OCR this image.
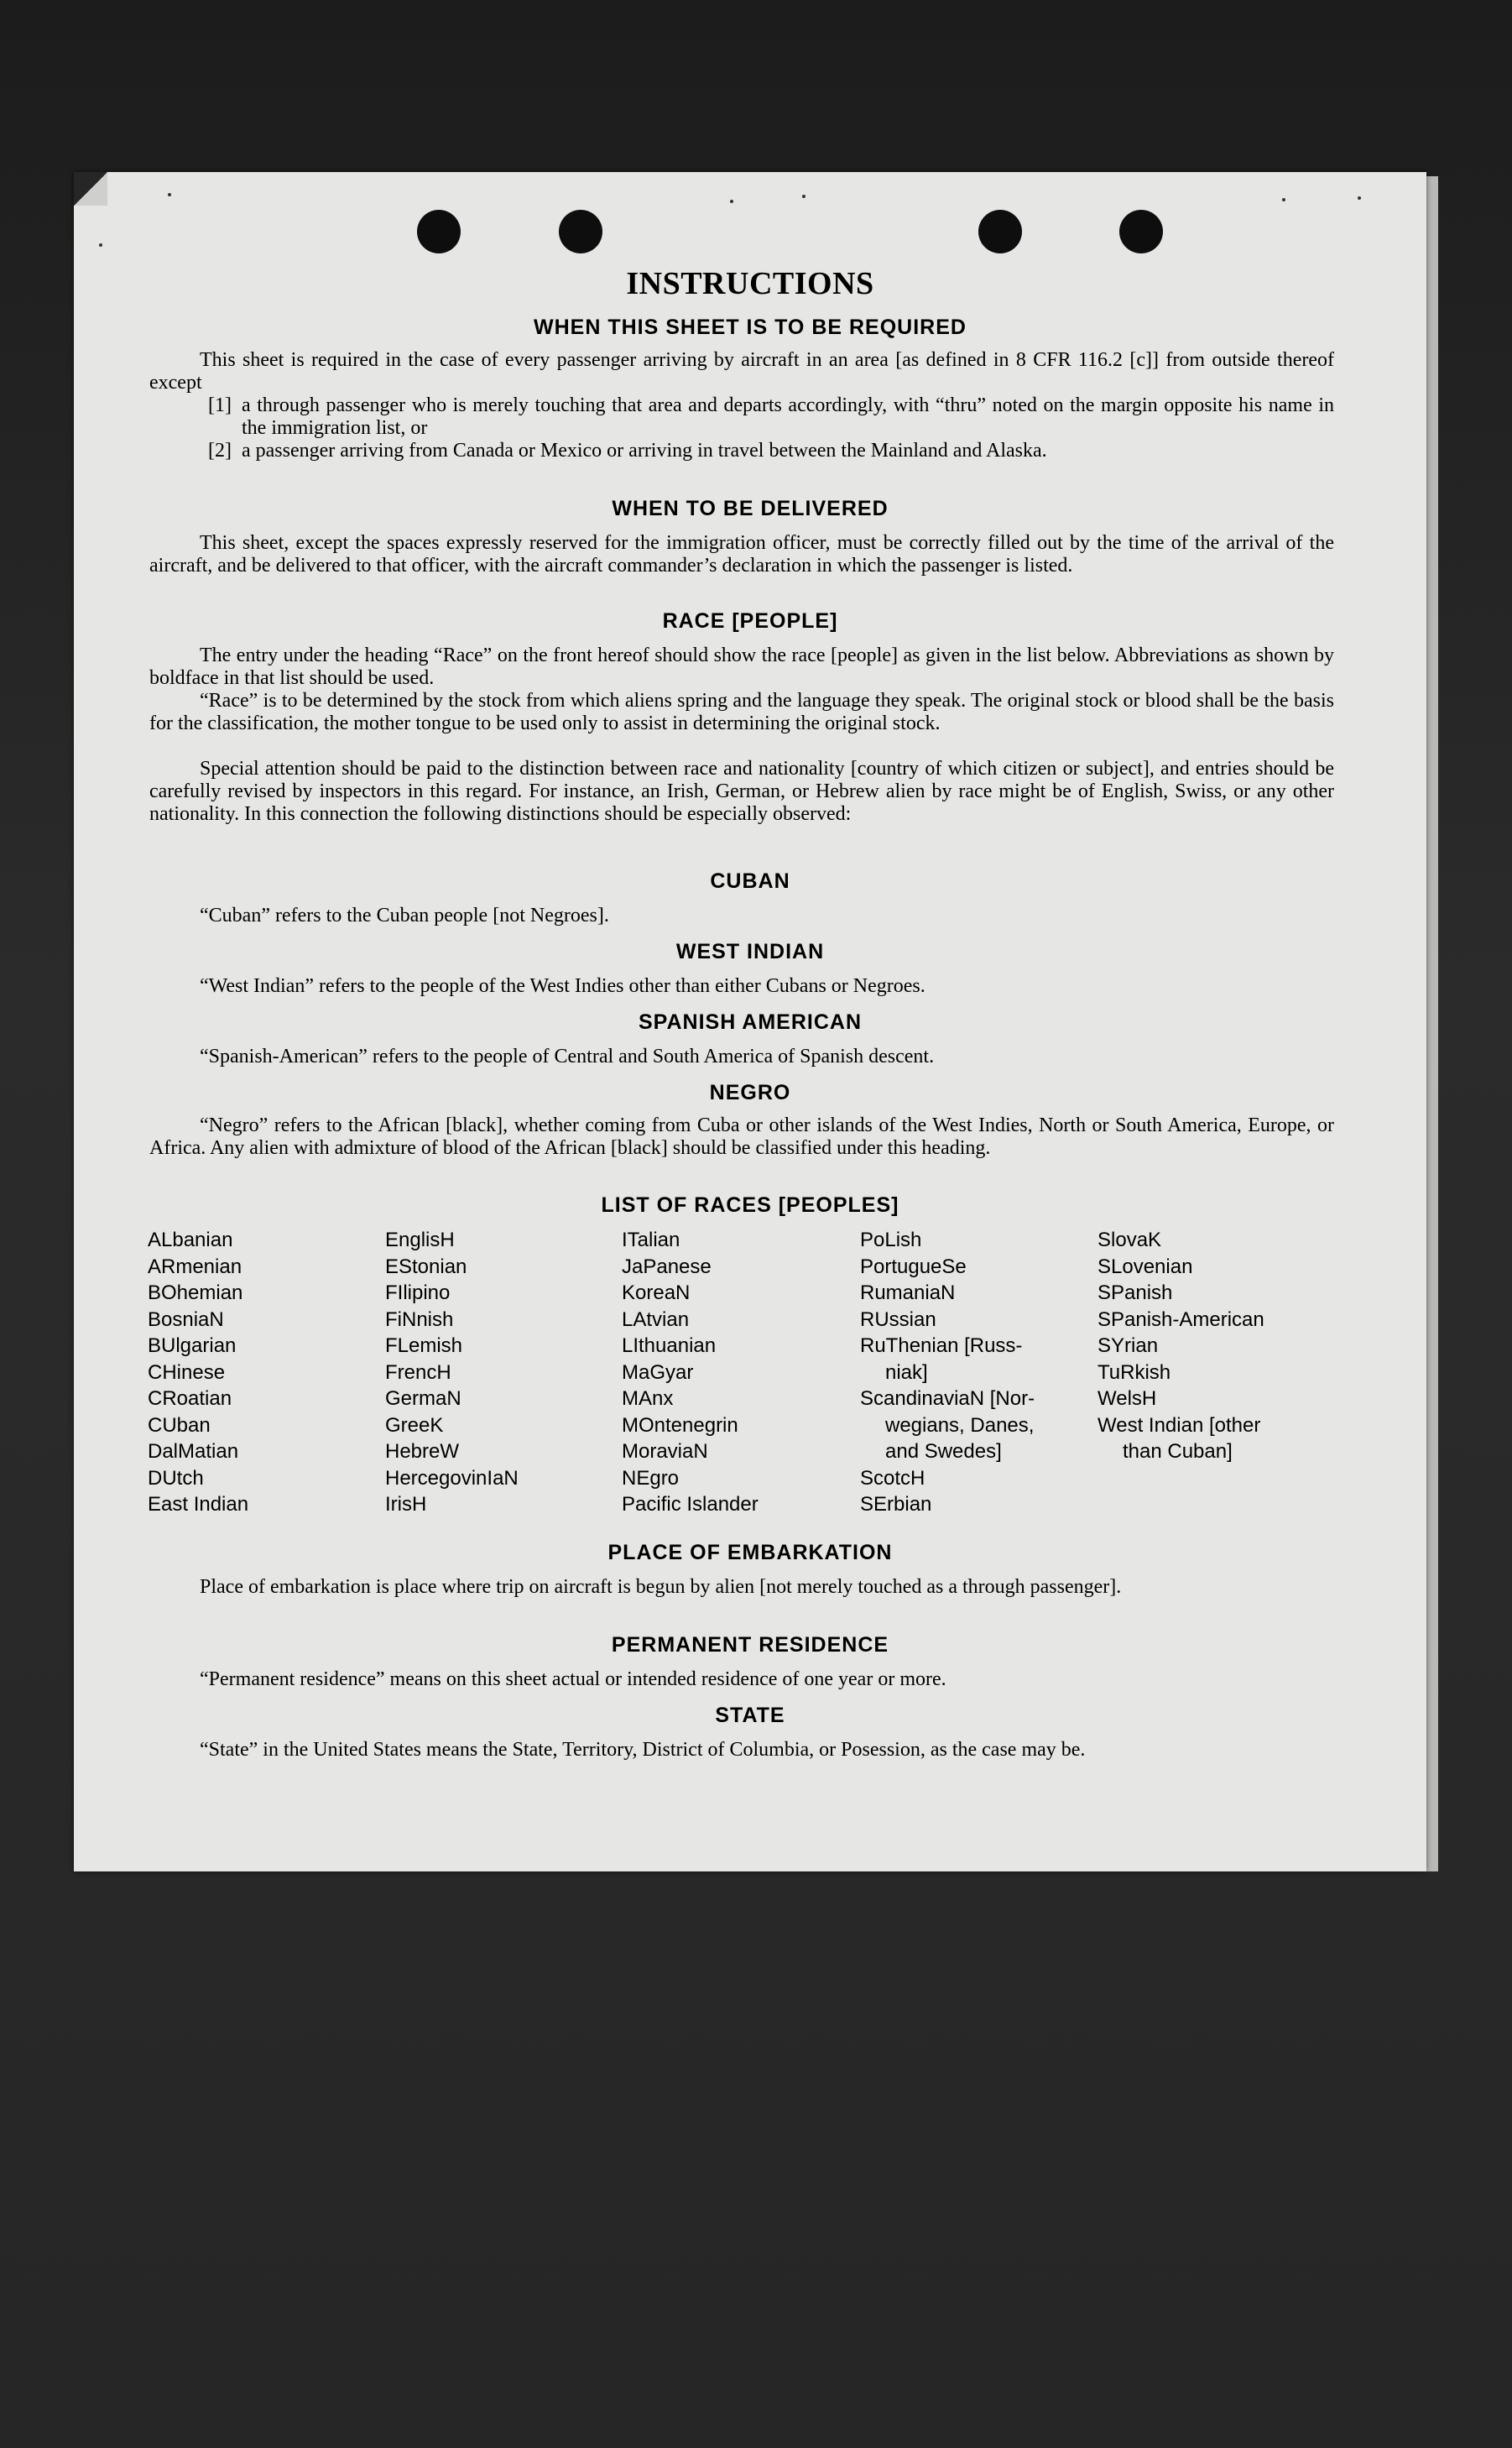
INSTRUCTIONS
WHEN THIS SHEET IS TO BE REQUIRED
This sheet is required in the case of every passenger arriving by aircraft in an area [as defined in 8 CFR 116.2 [c]] from outside thereof except
[1] a through passenger who is merely touching that area and departs accordingly, with “thru” noted on the margin opposite his name in the immigration list, or
[2] a passenger arriving from Canada or Mexico or arriving in travel between the Mainland and Alaska.
WHEN TO BE DELIVERED
This sheet, except the spaces expressly reserved for the immigration officer, must be correctly filled out by the time of the arrival of the aircraft, and be delivered to that officer, with the aircraft commander’s declaration in which the passenger is listed.
RACE [PEOPLE]
The entry under the heading “Race” on the front hereof should show the race [people] as given in the list below. Abbreviations as shown by boldface in that list should be used.
“Race” is to be determined by the stock from which aliens spring and the language they speak. The original stock or blood shall be the basis for the classification, the mother tongue to be used only to assist in determining the original stock.
Special attention should be paid to the distinction between race and nationality [country of which citizen or subject], and entries should be carefully revised by inspectors in this regard. For instance, an Irish, German, or Hebrew alien by race might be of English, Swiss, or any other nationality. In this connection the following distinctions should be especially observed:
CUBAN
“Cuban” refers to the Cuban people [not Negroes].
WEST INDIAN
“West Indian” refers to the people of the West Indies other than either Cubans or Negroes.
SPANISH AMERICAN
“Spanish-American” refers to the people of Central and South America of Spanish descent.
NEGRO
“Negro” refers to the African [black], whether coming from Cuba or other islands of the West Indies, North or South America, Europe, or Africa. Any alien with admixture of blood of the African [black] should be classified under this heading.
LIST OF RACES [PEOPLES]
ALbanian
ARmenian
BOhemian
BosniaN
BUlgarian
CHinese
CRoatian
CUban
DalMatian
DUtch
East Indian
EnglisH
EStonian
FIlipino
FiNnish
FLemish
FrencH
GermaN
GreeK
HebreW
HercegovinIaN
IrisH
ITalian
JaPanese
KoreaN
LAtvian
LIthuanian
MaGyar
MAnx
MOntenegrin
MoraviaN
NEgro
Pacific Islander
PoLish
PortugueSe
RumaniaN
RUssian
RuThenian [Russ-
niak]
ScandinaviaN [Nor-
wegians, Danes,
and Swedes]
ScotcH
SErbian
SlovaK
SLovenian
SPanish
SPanish-American
SYrian
TuRkish
WelsH
West Indian [other
than Cuban]
PLACE OF EMBARKATION
Place of embarkation is place where trip on aircraft is begun by alien [not merely touched as a through passenger].
PERMANENT RESIDENCE
“Permanent residence” means on this sheet actual or intended residence of one year or more.
STATE
“State” in the United States means the State, Territory, District of Columbia, or Posession, as the case may be.
